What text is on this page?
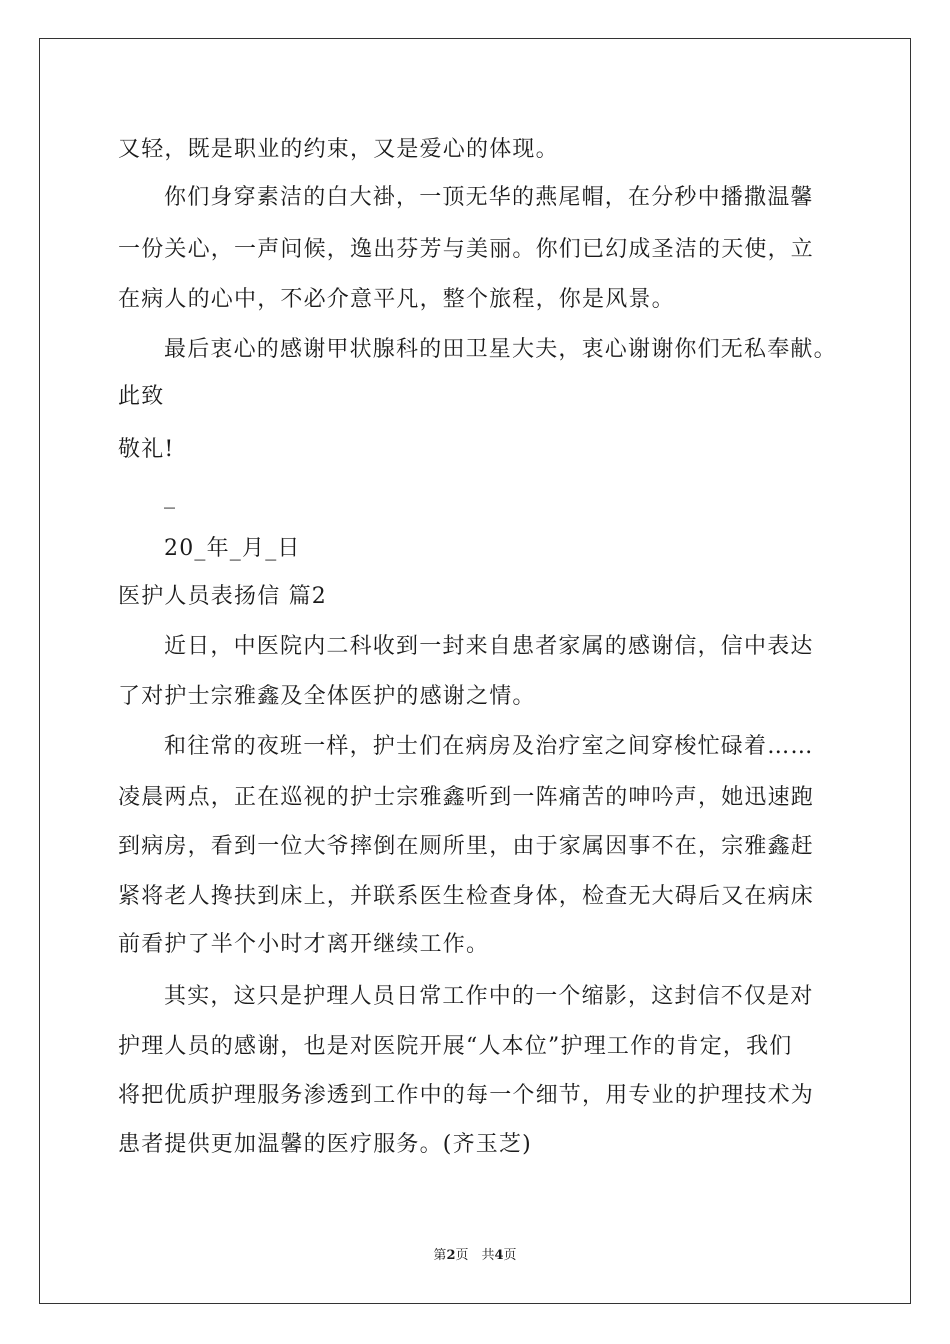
又轻，既是职业的约束，又是爱心的体现。
你们身穿素洁的白大褂，一顶无华的燕尾帽，在分秒中播撒温馨
一份关心，一声问候，逸出芬芳与美丽。你们已幻成圣洁的天使，立
在病人的心中，不必介意平凡，整个旅程，你是风景。
最后衷心的感谢甲状腺科的田卫星大夫，衷心谢谢你们无私奉献。
此致
敬礼!
_
20_年_月_日
医护人员表扬信 篇2
近日，中医院内二科收到一封来自患者家属的感谢信，信中表达
了对护士宗雅鑫及全体医护的感谢之情。
和往常的夜班一样，护士们在病房及治疗室之间穿梭忙碌着……
凌晨两点，正在巡视的护士宗雅鑫听到一阵痛苦的呻吟声，她迅速跑
到病房，看到一位大爷摔倒在厕所里，由于家属因事不在，宗雅鑫赶
紧将老人搀扶到床上，并联系医生检查身体，检查无大碍后又在病床
前看护了半个小时才离开继续工作。
其实，这只是护理人员日常工作中的一个缩影，这封信不仅是对
护理人员的感谢，也是对医院开展“人本位”护理工作的肯定，我们
将把优质护理服务渗透到工作中的每一个细节，用专业的护理技术为
患者提供更加温馨的医疗服务。(齐玉芝)
第2页　共4页
